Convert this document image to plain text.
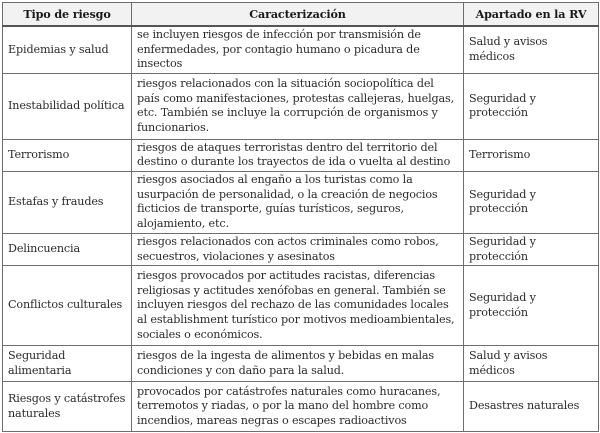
Tipo de riesgo	Caracterización	Apartado en la RV
Epidemias y salud	se incluyen riesgos de infección por transmisión de enfermedades, por contagio humano o picadura de insectos	Salud y avisos médicos
Inestabilidad política	riesgos relacionados con la situación sociopolítica del país como manifestaciones, protestas callejeras, huelgas, etc. También se incluye la corrupción de organismos y funcionarios.	Seguridad y protección
Terrorismo	riesgos de ataques terroristas dentro del territorio del destino o durante los trayectos de ida o vuelta al destino	Terrorismo
Estafas y fraudes	riesgos asociados al engaño a los turistas como la usurpación de personalidad, o la creación de negocios ficticios de transporte, guías turísticos, seguros, alojamiento, etc.	Seguridad y protección
Delincuencia	riesgos relacionados con actos criminales como robos, secuestros, violaciones y asesinatos	Seguridad y protección
Conflictos culturales	riesgos provocados por actitudes racistas, diferencias religiosas y actitudes xenófobas en general. También se incluyen riesgos del rechazo de las comunidades locales al establishment turístico por motivos medioambientales, sociales o económicos.	Seguridad y protección
Seguridad alimentaria	riesgos de la ingesta de alimentos y bebidas en malas condiciones y con daño para la salud.	Salud y avisos médicos
Riesgos y catástrofes naturales	provocados por catástrofes naturales como huracanes, terremotos y riadas, o por la mano del hombre como incendios, mareas negras o escapes radioactivos	Desastres naturales
